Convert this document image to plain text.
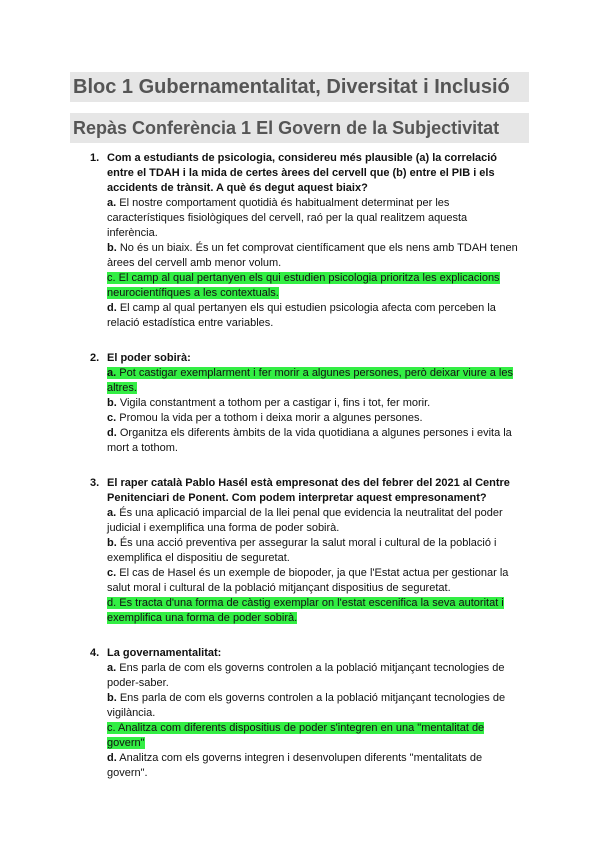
Bloc 1 Gubernamentalitat, Diversitat i Inclusió
Repàs Conferència 1 El Govern de la Subjectivitat
1. Com a estudiants de psicologia, considereu més plausible (a) la correlació entre el TDAH i la mida de certes àrees del cervell que (b) entre el PIB i els accidents de trànsit. A què és degut aquest biaix?
a. El nostre comportament quotidià és habitualment determinat per les característiques fisiològiques del cervell, raó per la qual realitzem aquesta inferència.
b. No és un biaix. És un fet comprovat científicament que els nens amb TDAH tenen àrees del cervell amb menor volum.
c. El camp al qual pertanyen els qui estudien psicologia prioritza les explicacions neurocientífiques a les contextuals.
d. El camp al qual pertanyen els qui estudien psicologia afecta com perceben la relació estadística entre variables.
2. El poder sobirà:
a. Pot castigar exemplarment i fer morir a algunes persones, però deixar viure a les altres.
b. Vigila constantment a tothom per a castigar i, fins i tot, fer morir.
c. Promou la vida per a tothom i deixa morir a algunes persones.
d. Organitza els diferents àmbits de la vida quotidiana a algunes persones i evita la mort a tothom.
3. El raper català Pablo Hasél està empresonat des del febrer del 2021 al Centre Penitenciari de Ponent. Com podem interpretar aquest empresonament?
a. És una aplicació imparcial de la llei penal que evidencia la neutralitat del poder judicial i exemplifica una forma de poder sobirà.
b. És una acció preventiva per assegurar la salut moral i cultural de la població i exemplifica el dispositiu de seguretat.
c. El cas de Hasel és un exemple de biopoder, ja que l'Estat actua per gestionar la salut moral i cultural de la població mitjançant dispositius de seguretat.
d. Es tracta d'una forma de càstig exemplar on l'estat escenifica la seva autoritat i exemplifica una forma de poder sobirà.
4. La governamentalitat:
a. Ens parla de com els governs controlen a la població mitjançant tecnologies de poder-saber.
b. Ens parla de com els governs controlen a la població mitjançant tecnologies de vigilància.
c. Analitza com diferents dispositius de poder s'integren en una "mentalitat de govern"
d. Analitza com els governs integren i desenvolupen diferents "mentalitats de govern".
